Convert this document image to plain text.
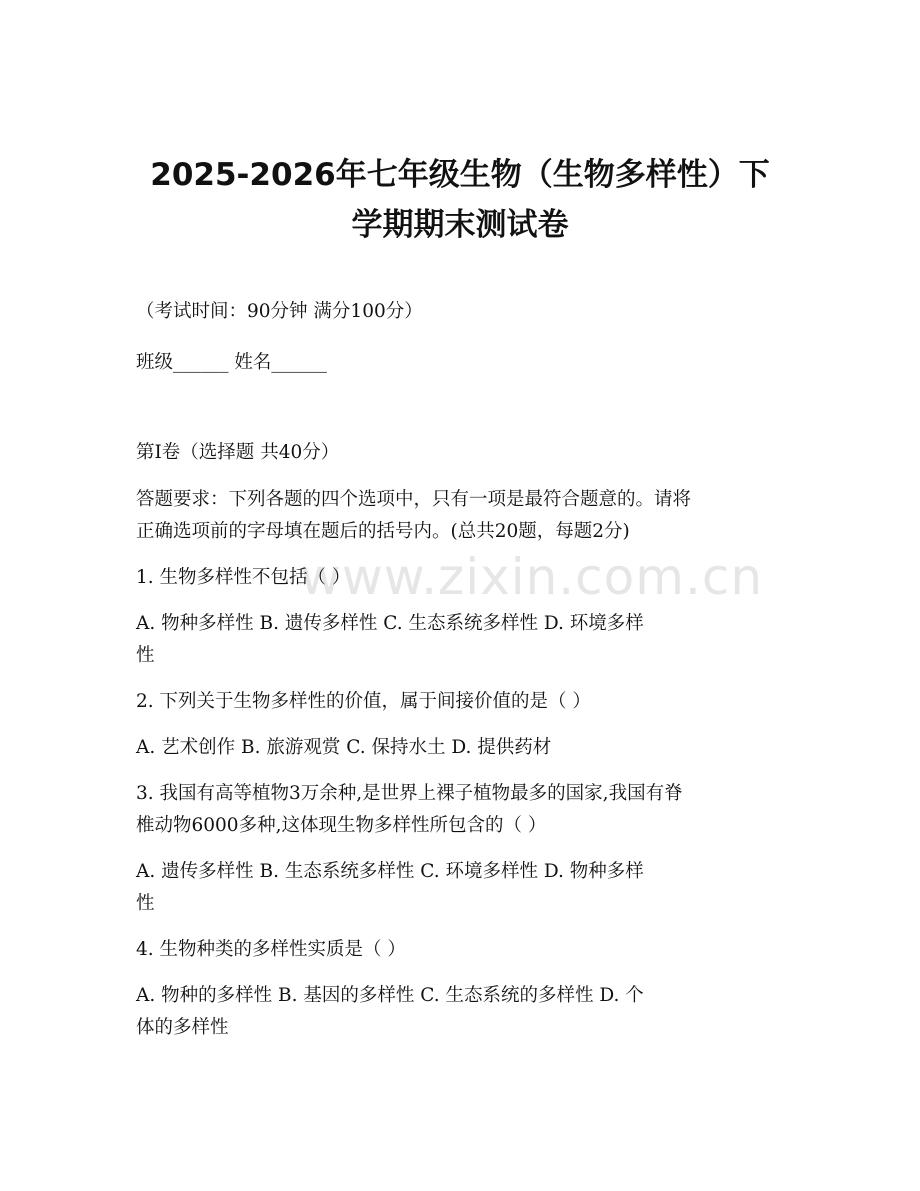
www.zixin.com.cn
2025-2026年七年级生物（生物多样性）下
学期期末测试卷
（考试时间：90分钟 满分100分）
班级______ 姓名______
第I卷（选择题 共40分）
答题要求：下列各题的四个选项中，只有一项是最符合题意的。请将
正确选项前的字母填在题后的括号内。(总共20题，每题2分)
1. 生物多样性不包括（ ）
A. 物种多样性 B. 遗传多样性 C. 生态系统多样性 D. 环境多样
性
2. 下列关于生物多样性的价值，属于间接价值的是（ ）
A. 艺术创作 B. 旅游观赏 C. 保持水土 D. 提供药材
3. 我国有高等植物3万余种,是世界上裸子植物最多的国家,我国有脊
椎动物6000多种,这体现生物多样性所包含的（ ）
A. 遗传多样性 B. 生态系统多样性 C. 环境多样性 D. 物种多样
性
4. 生物种类的多样性实质是（ ）
A. 物种的多样性 B. 基因的多样性 C. 生态系统的多样性 D. 个
体的多样性
